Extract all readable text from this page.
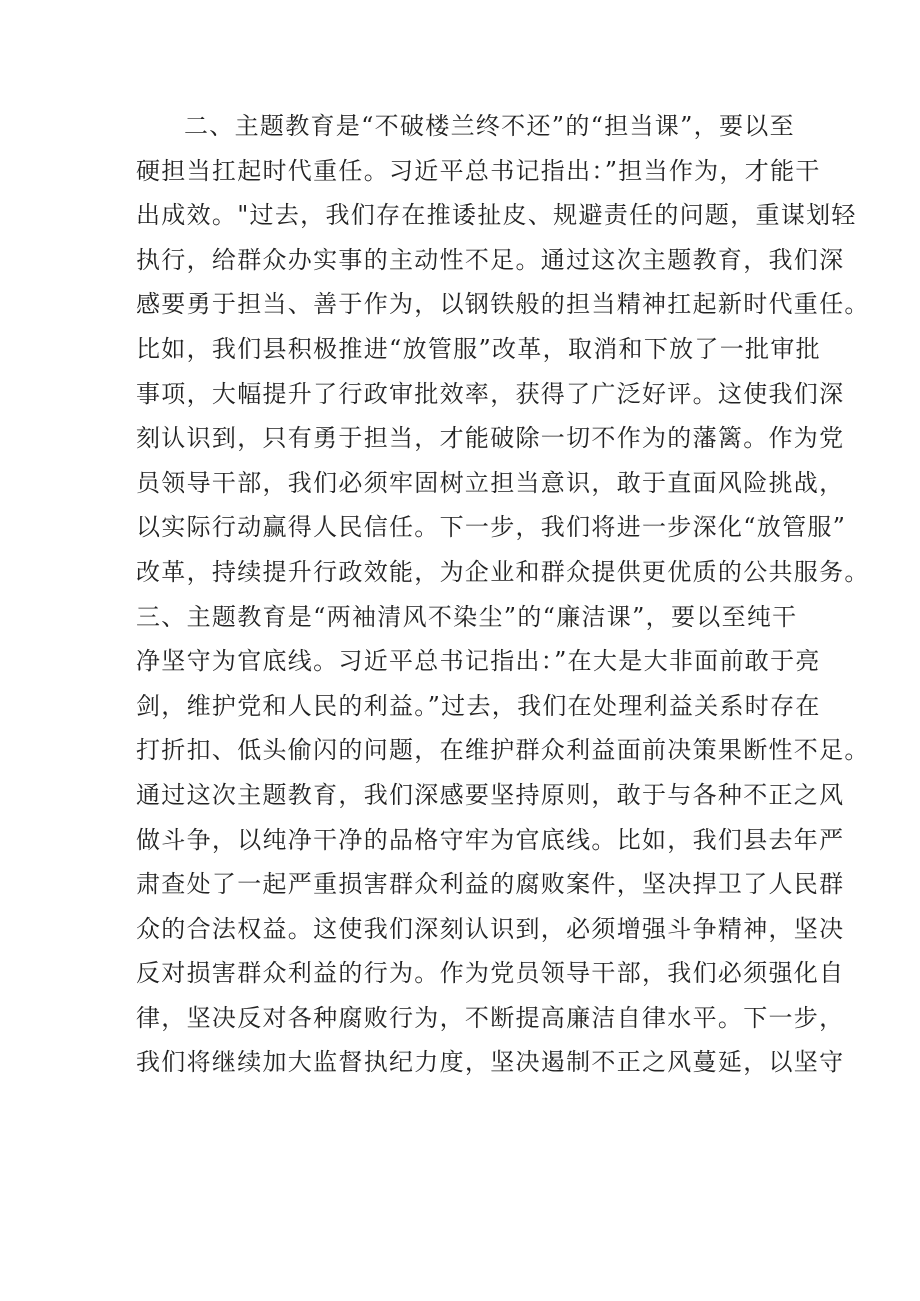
二、主题教育是“不破楼兰终不还”的“担当课”，要以至
硬担当扛起时代重任。习近平总书记指出：”担当作为，才能干
出成效。"过去，我们存在推诿扯皮、规避责任的问题，重谋划轻
执行，给群众办实事的主动性不足。通过这次主题教育，我们深
感要勇于担当、善于作为，以钢铁般的担当精神扛起新时代重任。
比如，我们县积极推进“放管服”改革，取消和下放了一批审批
事项，大幅提升了行政审批效率，获得了广泛好评。这使我们深
刻认识到，只有勇于担当，才能破除一切不作为的藩篱。作为党
员领导干部，我们必须牢固树立担当意识，敢于直面风险挑战，
以实际行动赢得人民信任。下一步，我们将进一步深化“放管服”
改革，持续提升行政效能，为企业和群众提供更优质的公共服务。
三、主题教育是“两袖清风不染尘”的“廉洁课”，要以至纯干
净坚守为官底线。习近平总书记指出：”在大是大非面前敢于亮
剑，维护党和人民的利益。”过去，我们在处理利益关系时存在
打折扣、低头偷闪的问题，在维护群众利益面前决策果断性不足。
通过这次主题教育，我们深感要坚持原则，敢于与各种不正之风
做斗争，以纯净干净的品格守牢为官底线。比如，我们县去年严
肃查处了一起严重损害群众利益的腐败案件，坚决捍卫了人民群
众的合法权益。这使我们深刻认识到，必须增强斗争精神，坚决
反对损害群众利益的行为。作为党员领导干部，我们必须强化自
律，坚决反对各种腐败行为，不断提高廉洁自律水平。下一步，
我们将继续加大监督执纪力度，坚决遏制不正之风蔓延，以坚守
